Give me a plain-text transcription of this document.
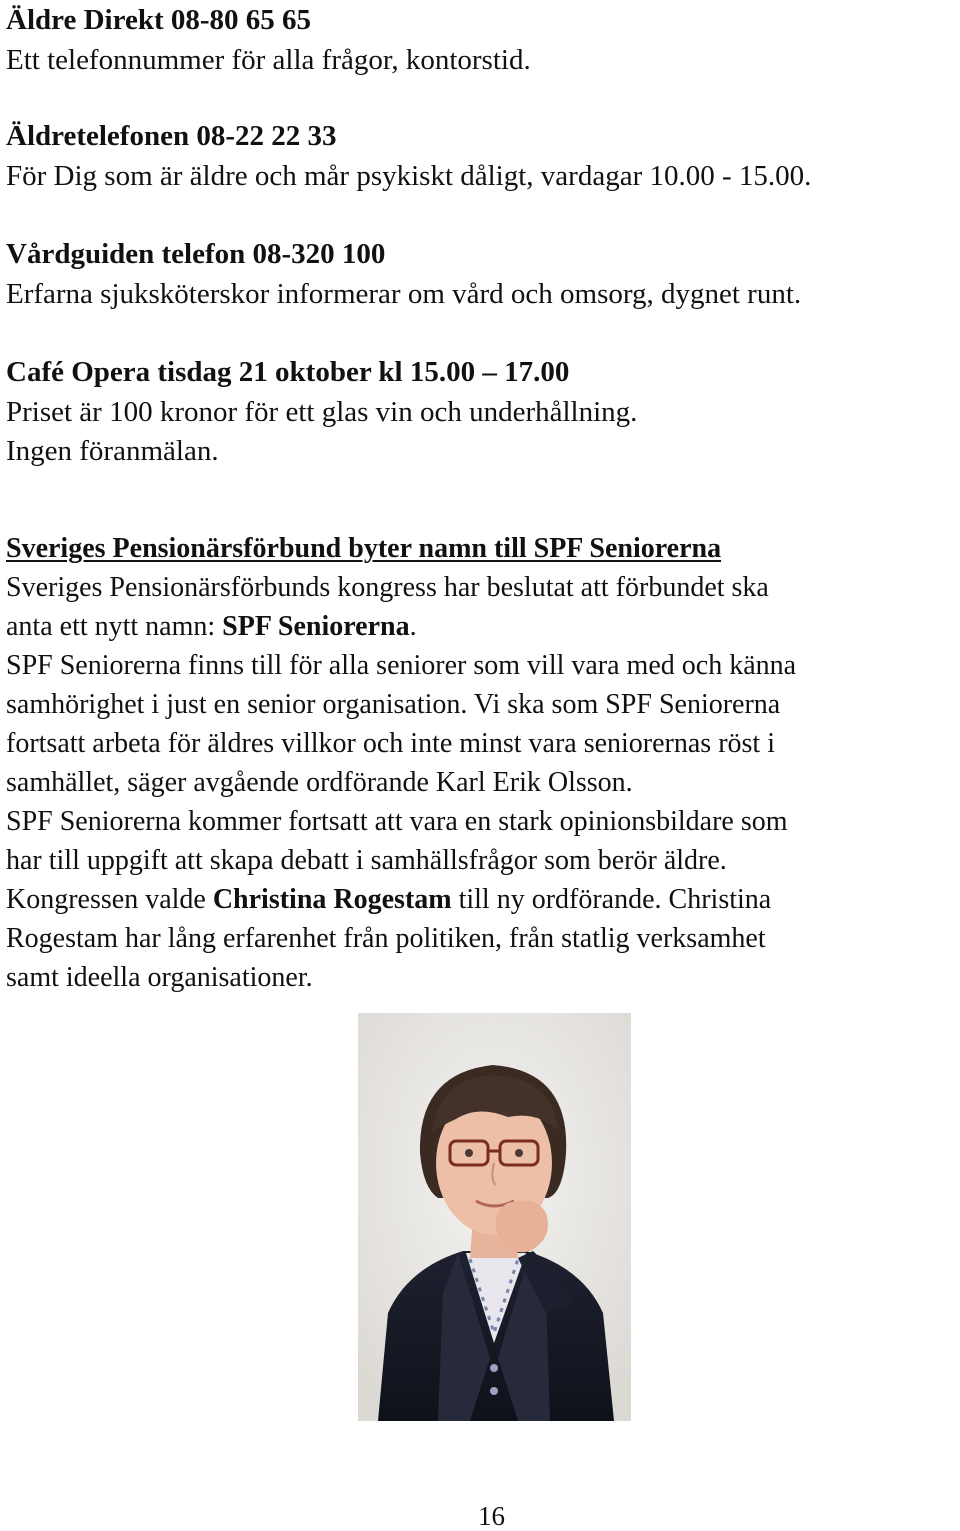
Äldre Direkt 08-80 65 65
Ett telefonnummer för alla frågor, kontorstid.
Äldretelefonen 08-22 22 33
För Dig som är äldre och mår psykiskt dåligt, vardagar 10.00 - 15.00.
Vårdguiden telefon 08-320 100
Erfarna sjuksköterskor informerar om vård och omsorg, dygnet runt.
Café Opera tisdag 21 oktober kl 15.00 – 17.00
Priset är 100 kronor för ett glas vin och underhållning.
Ingen föranmälan.
Sveriges Pensionärsförbund byter namn till SPF Seniorerna
Sveriges Pensionärsförbunds kongress har beslutat att förbundet ska
anta ett nytt namn: SPF Seniorerna.
SPF Seniorerna finns till för alla seniorer som vill vara med och känna
samhörighet i just en senior organisation. Vi ska som SPF Seniorerna
fortsatt arbeta för äldres villkor och inte minst vara seniorernas röst i
samhället, säger avgående ordförande Karl Erik Olsson.
SPF Seniorerna kommer fortsatt att vara en stark opinionsbildare som
har till uppgift att skapa debatt i samhällsfrågor som berör äldre.
Kongressen valde Christina Rogestam till ny ordförande. Christina
Rogestam har lång erfarenhet från politiken, från statlig verksamhet
samt ideella organisationer.
16
